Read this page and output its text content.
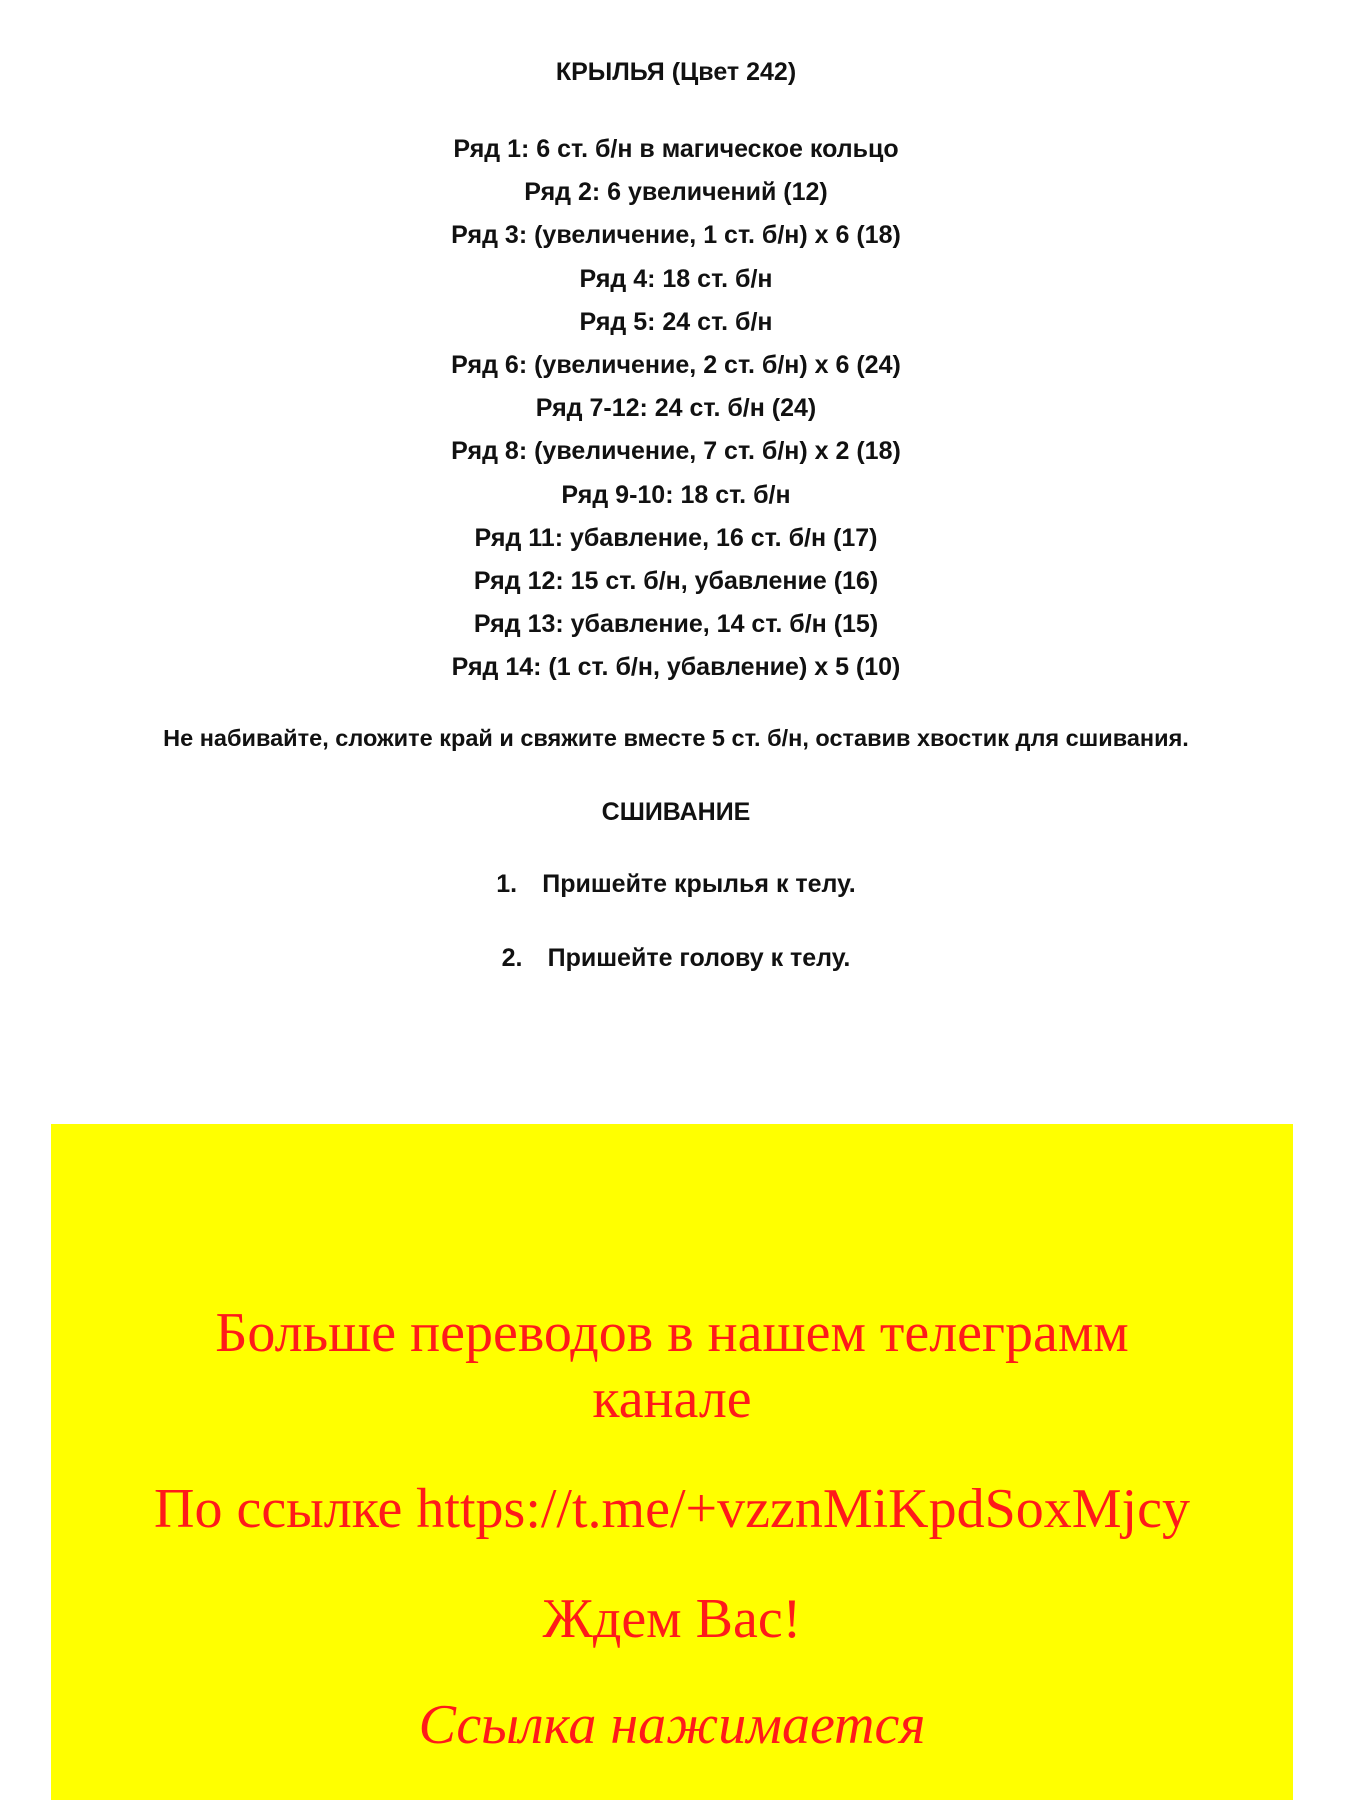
КРЫЛЬЯ (Цвет 242)
Ряд 1: 6 ст. б/н в магическое кольцо
Ряд 2: 6 увеличений (12)
Ряд 3: (увеличение, 1 ст. б/н) х 6 (18)
Ряд 4: 18 ст. б/н
Ряд 5: 24 ст. б/н
Ряд 6: (увеличение, 2 ст. б/н) х 6 (24)
Ряд 7-12: 24 ст. б/н (24)
Ряд 8: (увеличение, 7 ст. б/н) х 2 (18)
Ряд 9-10: 18 ст. б/н
Ряд 11: убавление, 16 ст. б/н (17)
Ряд 12: 15 ст. б/н, убавление (16)
Ряд 13: убавление, 14 ст. б/н (15)
Ряд 14: (1 ст. б/н, убавление) х 5 (10)
Не набивайте, сложите край и свяжите вместе 5 ст. б/н, оставив хвостик для сшивания.
СШИВАНИЕ
1. Пришейте крылья к телу.
2. Пришейте голову к телу.
Больше переводов в нашем телеграмм
канале
По ссылке https://t.me/+vzznMiKpdSoxMjcy
Ждем Вас!
Ссылка нажимается
